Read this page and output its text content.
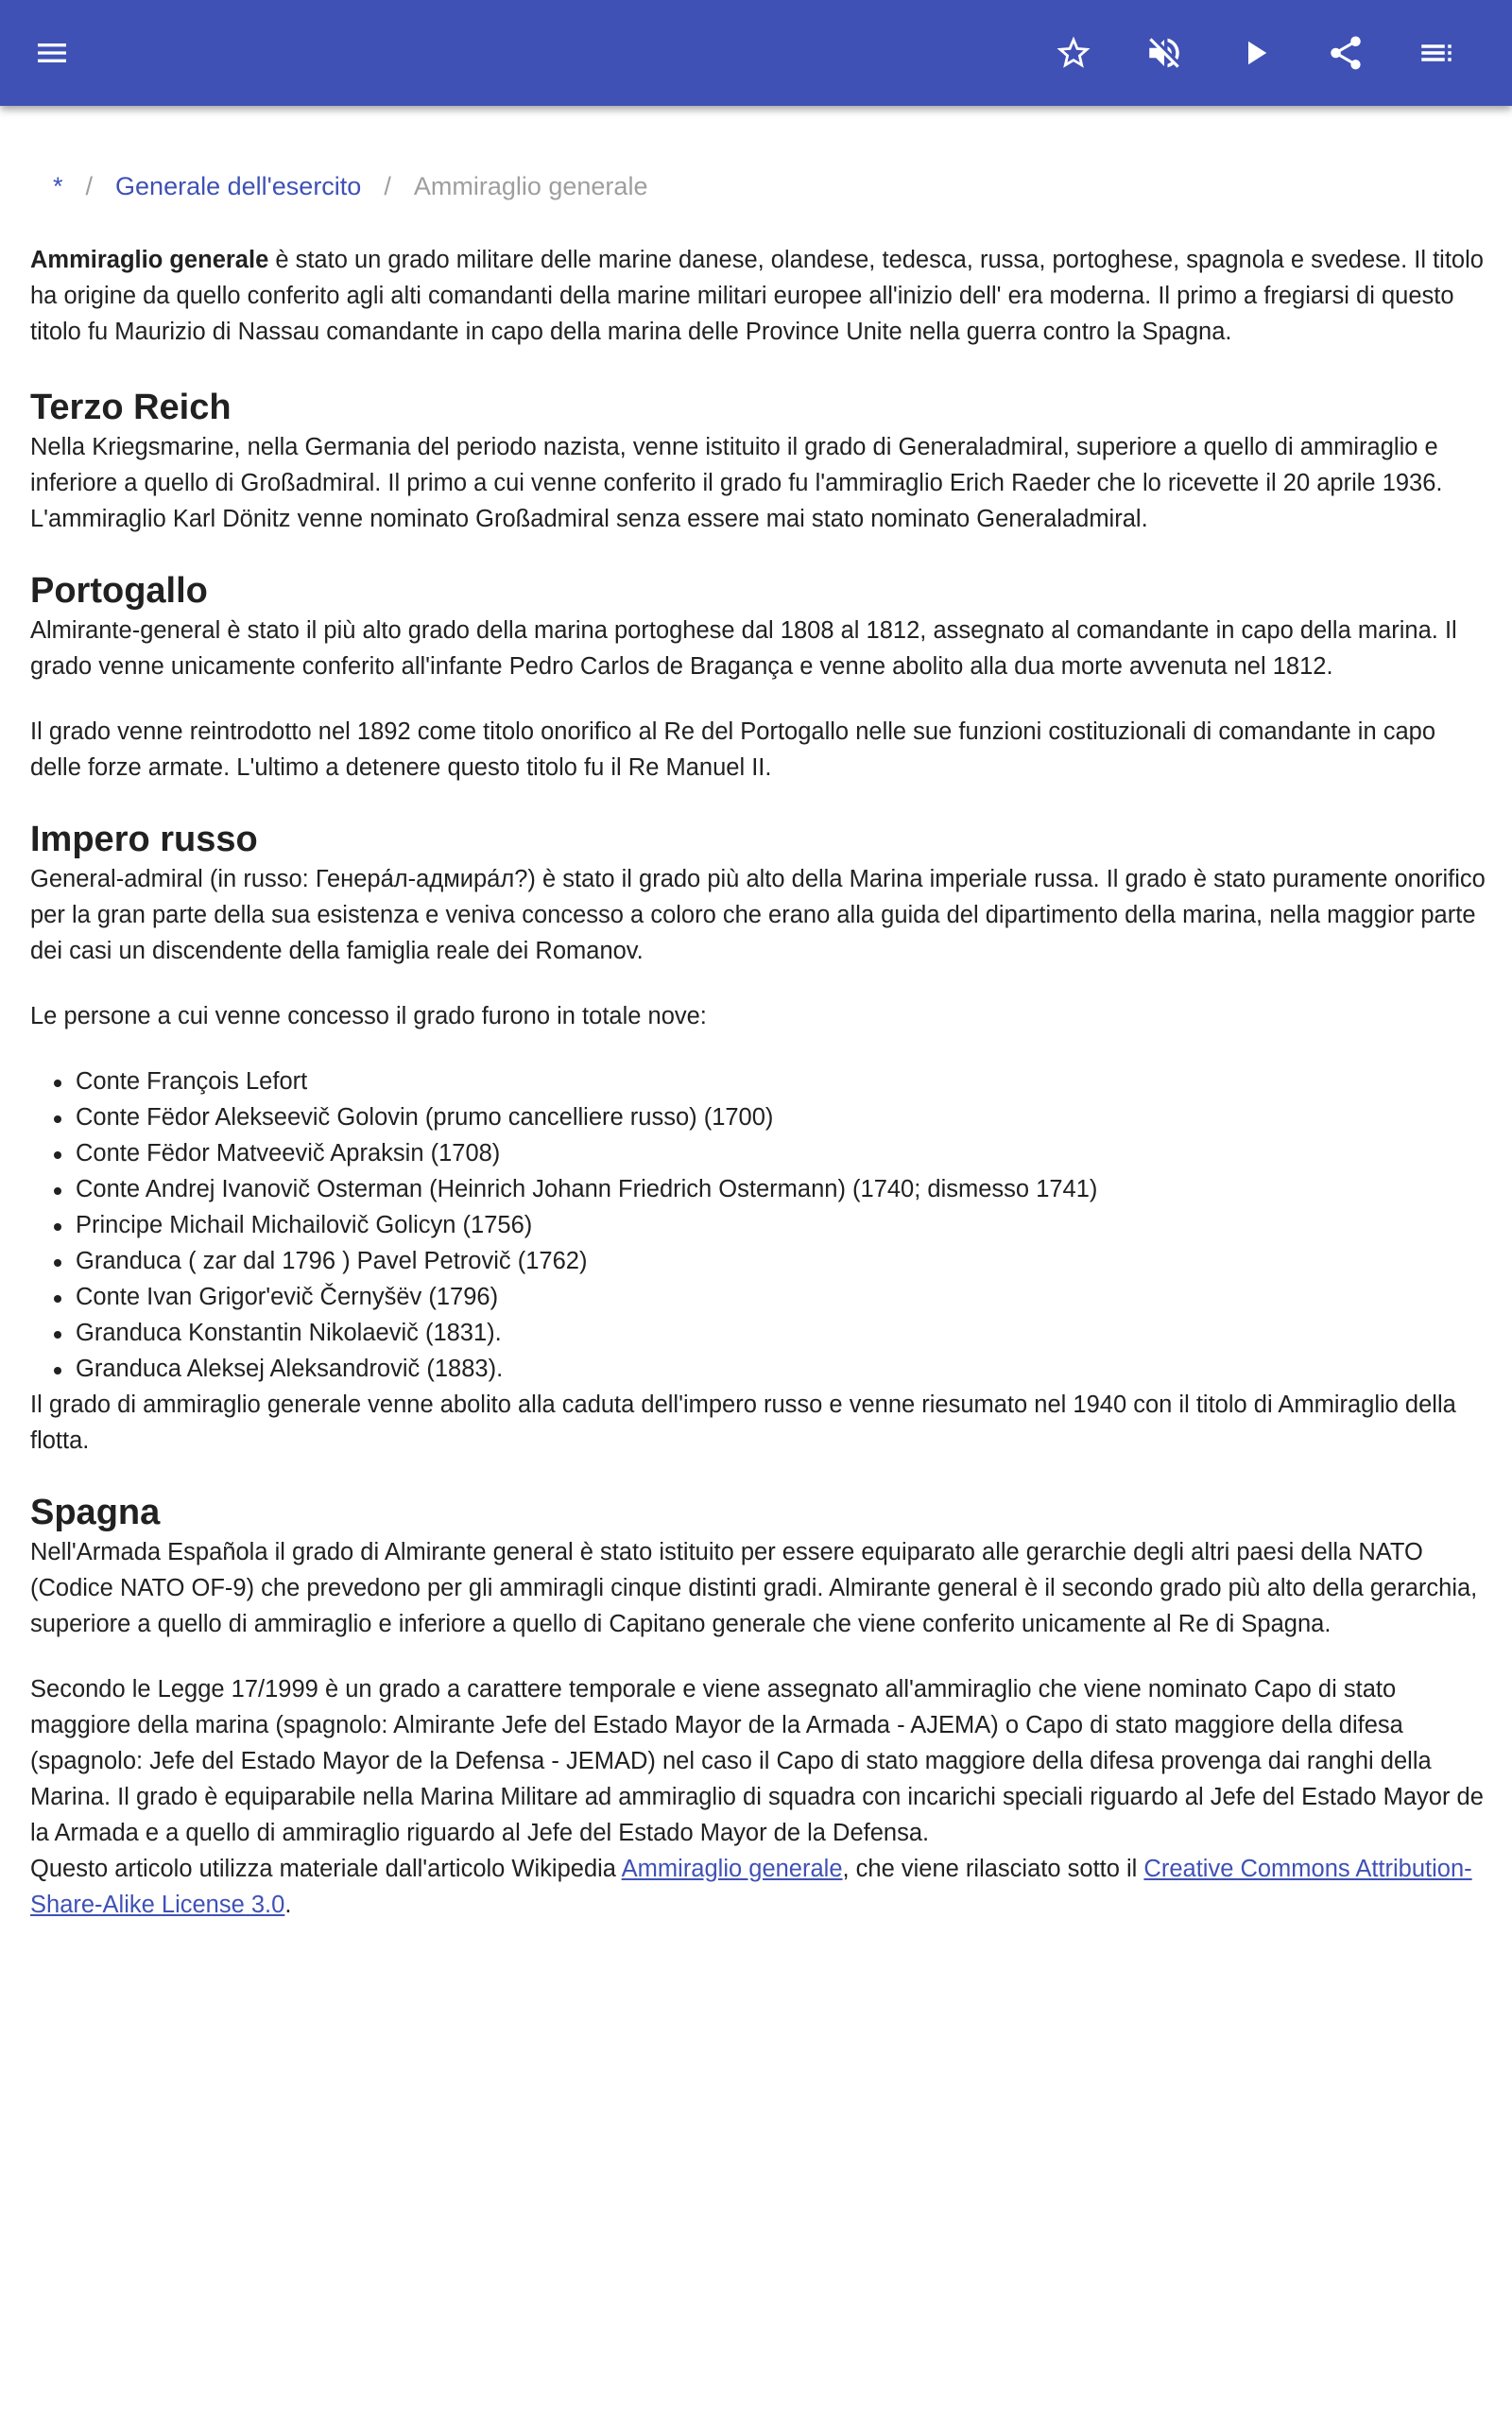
* / Generale dell'esercito / Ammiraglio generale

Ammiraglio generale è stato un grado militare delle marine danese, olandese, tedesca, russa, portoghese, spagnola e svedese. Il titolo ha origine da quello conferito agli alti comandanti della marine militari europee all'inizio dell' era moderna. Il primo a fregiarsi di questo titolo fu Maurizio di Nassau comandante in capo della marina delle Province Unite nella guerra contro la Spagna.

Terzo Reich

Nella Kriegsmarine, nella Germania del periodo nazista, venne istituito il grado di Generaladmiral, superiore a quello di ammiraglio e inferiore a quello di Großadmiral. Il primo a cui venne conferito il grado fu l'ammiraglio Erich Raeder che lo ricevette il 20 aprile 1936. L'ammiraglio Karl Dönitz venne nominato Großadmiral senza essere mai stato nominato Generaladmiral.

Portogallo

Almirante-general è stato il più alto grado della marina portoghese dal 1808 al 1812, assegnato al comandante in capo della marina. Il grado venne unicamente conferito all'infante Pedro Carlos de Bragança e venne abolito alla dua morte avvenuta nel 1812.

Il grado venne reintrodotto nel 1892 come titolo onorifico al Re del Portogallo nelle sue funzioni costituzionali di comandante in capo delle forze armate. L'ultimo a detenere questo titolo fu il Re Manuel II.

Impero russo

General-admiral (in russo: Генера́л-адмира́л?) è stato il grado più alto della Marina imperiale russa. Il grado è stato puramente onorifico per la gran parte della sua esistenza e veniva concesso a coloro che erano alla guida del dipartimento della marina, nella maggior parte dei casi un discendente della famiglia reale dei Romanov.

Le persone a cui venne concesso il grado furono in totale nove:

Conte François Lefort
Conte Fëdor Alekseevič Golovin (prumo cancelliere russo) (1700)
Conte Fëdor Matveevič Apraksin (1708)
Conte Andrej Ivanovič Osterman (Heinrich Johann Friedrich Ostermann) (1740; dismesso 1741)
Principe Michail Michailovič Golicyn (1756)
Granduca ( zar dal 1796 ) Pavel Petrovič (1762)
Conte Ivan Grigor'evič Černyšëv (1796)
Granduca Konstantin Nikolaevič (1831).
Granduca Aleksej Aleksandrovič (1883).

Il grado di ammiraglio generale venne abolito alla caduta dell'impero russo e venne riesumato nel 1940 con il titolo di Ammiraglio della flotta.

Spagna

Nell'Armada Española il grado di Almirante general è stato istituito per essere equiparato alle gerarchie degli altri paesi della NATO (Codice NATO OF-9) che prevedono per gli ammiragli cinque distinti gradi. Almirante general è il secondo grado più alto della gerarchia, superiore a quello di ammiraglio e inferiore a quello di Capitano generale che viene conferito unicamente al Re di Spagna.

Secondo le Legge 17/1999 è un grado a carattere temporale e viene assegnato all'ammiraglio che viene nominato Capo di stato maggiore della marina (spagnolo: Almirante Jefe del Estado Mayor de la Armada - AJEMA) o Capo di stato maggiore della difesa (spagnolo: Jefe del Estado Mayor de la Defensa - JEMAD) nel caso il Capo di stato maggiore della difesa provenga dai ranghi della Marina. Il grado è equiparabile nella Marina Militare ad ammiraglio di squadra con incarichi speciali riguardo al Jefe del Estado Mayor de la Armada e a quello di ammiraglio riguardo al Jefe del Estado Mayor de la Defensa.

Questo articolo utilizza materiale dall'articolo Wikipedia Ammiraglio generale, che viene rilasciato sotto il Creative Commons Attribution-Share-Alike License 3.0.
